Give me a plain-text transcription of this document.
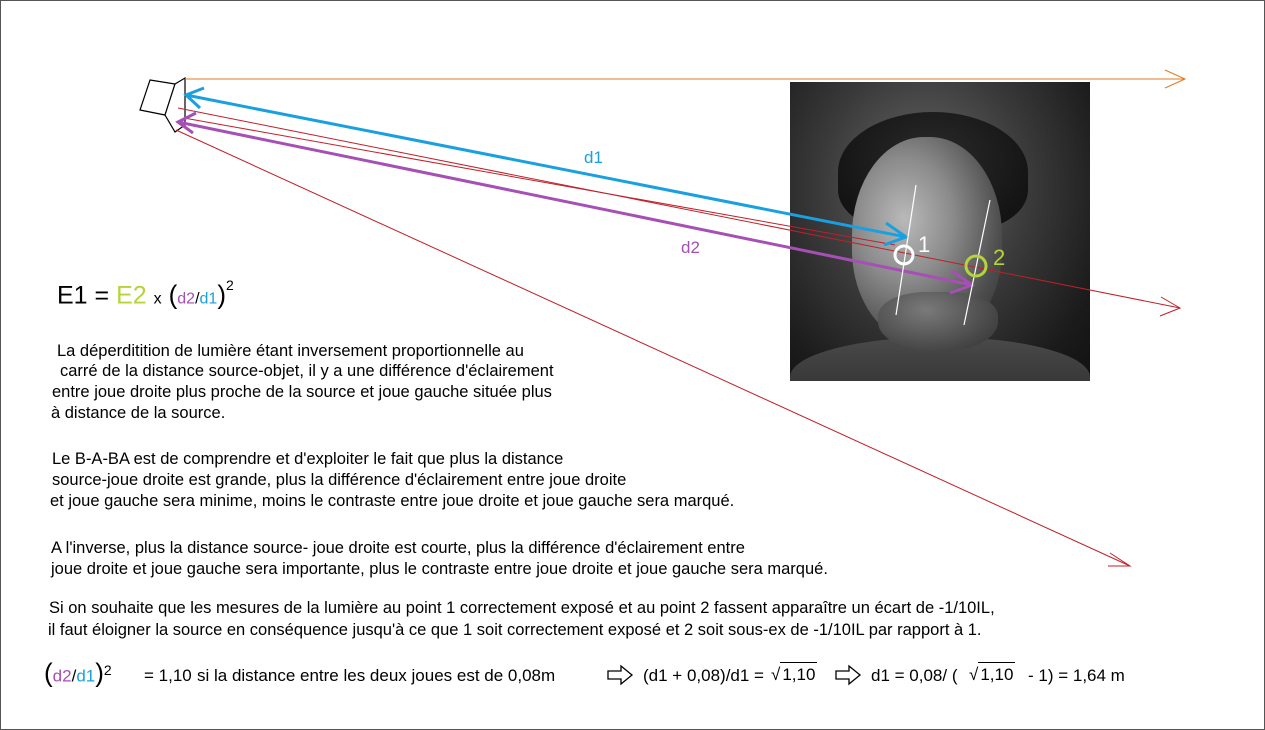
d1
d2	1
2
E1 = E2 x $(d2/d1)^2$
La déperditition de lumière étant inversement proportionnelle au
carré de la distance source-objet, il y a une différence d'éclairement
entre joue droite plus proche de la source et joue gauche située plus
à distance de la source.
Le B-A-BA est de comprendre et d'exploiter le fait que plus la distance
source-joue droite est grande, plus la différence d'éclairement entre joue droite
et joue gauche sera minime, moins le contraste entre joue droite et joue gauche sera marqué.
A l'inverse, plus la distance source- joue droite est courte, plus la différence d'éclairement entre
joue droite et joue gauche sera importante, plus le contraste entre joue droite et joue gauche sera marqué.
Si on souhaite que les mesures de la lumière au point 1 correctement exposé et au point 2 fassent apparaître un écart de -1/10IL,
il faut éloigner la source en conséquence jusqu'à ce que 1 soit correctement exposé et 2 soit sous-ex de -1/10IL par rapport à 1.
$(d2/d1)^2 = 1,10$ si la distance entre les deux joues est de 0,08m	(d1 + 0,08)/d1 = √ 1,10	d1 = 0,08/ ( √ 1,10 - 1) = 1,64 m
